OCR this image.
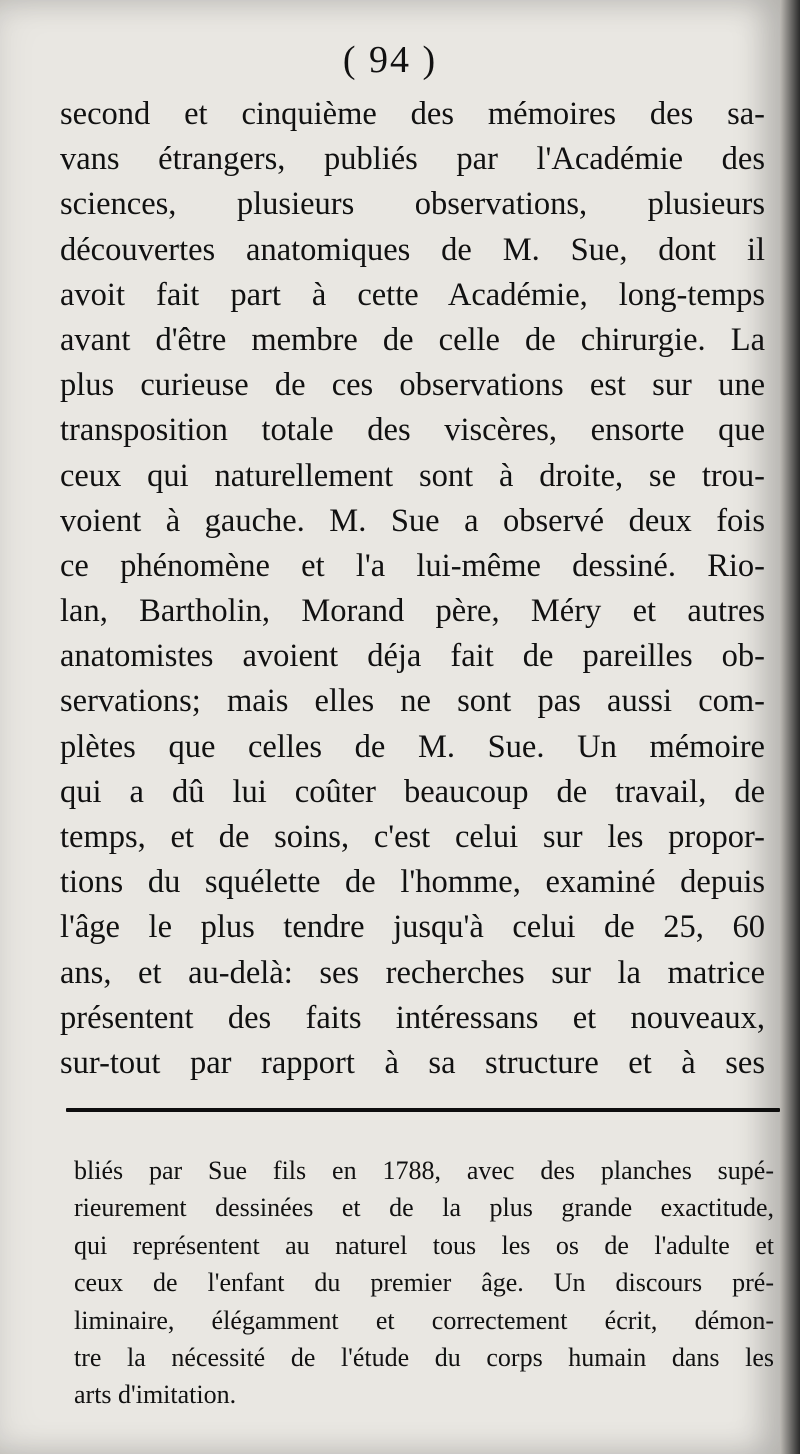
( 94 )
second et cinquième des mémoires des sa-
vans étrangers, publiés par l'Académie des
sciences, plusieurs observations, plusieurs
découvertes anatomiques de M. Sue, dont il
avoit fait part à cette Académie, long-temps
avant d'être membre de celle de chirurgie. La
plus curieuse de ces observations est sur une
transposition totale des viscères, ensorte que
ceux qui naturellement sont à droite, se trou-
voient à gauche. M. Sue a observé deux fois
ce phénomène et l'a lui-même dessiné. Rio-
lan, Bartholin, Morand père, Méry et autres
anatomistes avoient déja fait de pareilles ob-
servations; mais elles ne sont pas aussi com-
plètes que celles de M. Sue. Un mémoire
qui a dû lui coûter beaucoup de travail, de
temps, et de soins, c'est celui sur les propor-
tions du squélette de l'homme, examiné depuis
l'âge le plus tendre jusqu'à celui de 25, 60
ans, et au-delà: ses recherches sur la matrice
présentent des faits intéressans et nouveaux,
sur-tout par rapport à sa structure et à ses
bliés par Sue fils en 1788, avec des planches supé-
rieurement dessinées et de la plus grande exactitude,
qui représentent au naturel tous les os de l'adulte et
ceux de l'enfant du premier âge. Un discours pré-
liminaire, élégamment et correctement écrit, démon-
tre la nécessité de l'étude du corps humain dans les
arts d'imitation.
